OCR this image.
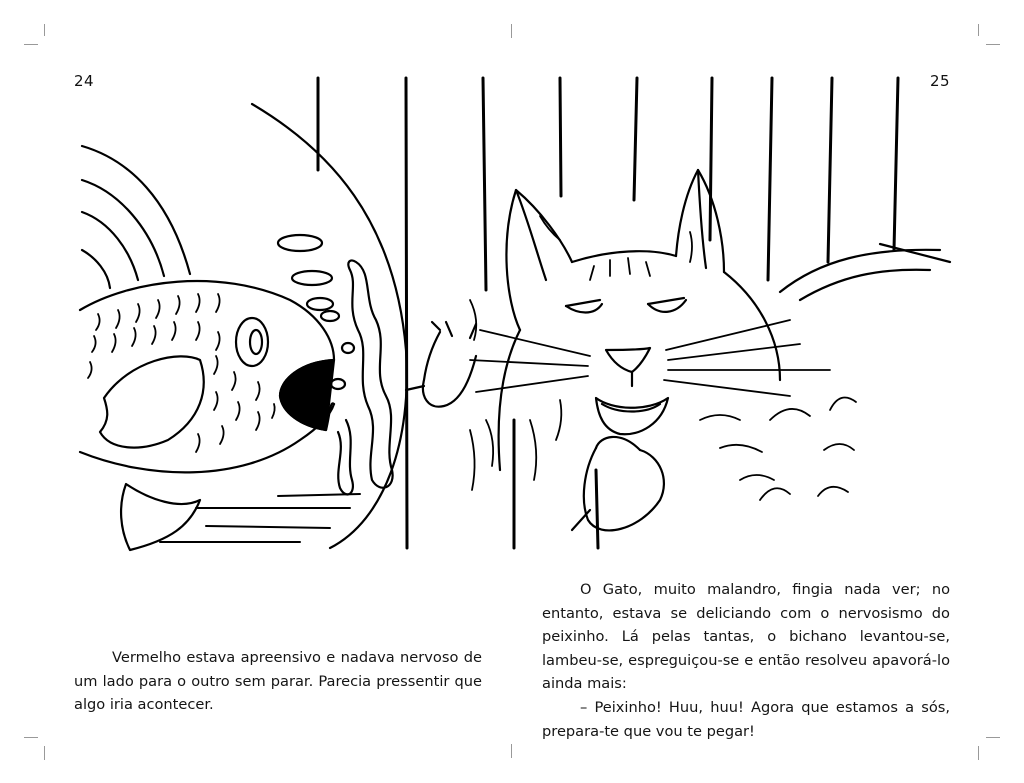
24	25

Vermelho estava apreensivo e nadava nervoso de um lado para o outro sem parar. Parecia pressentir que algo iria acontecer.

O Gato, muito malandro, fingia nada ver; no entanto, estava se deliciando com o nervosismo do peixinho. Lá pelas tantas, o bichano levantou-se, lambeu-se, espreguiçou-se e então resolveu apavorá-lo ainda mais:

– Peixinho! Huu, huu! Agora que estamos a sós, prepara-te que vou te pegar!
